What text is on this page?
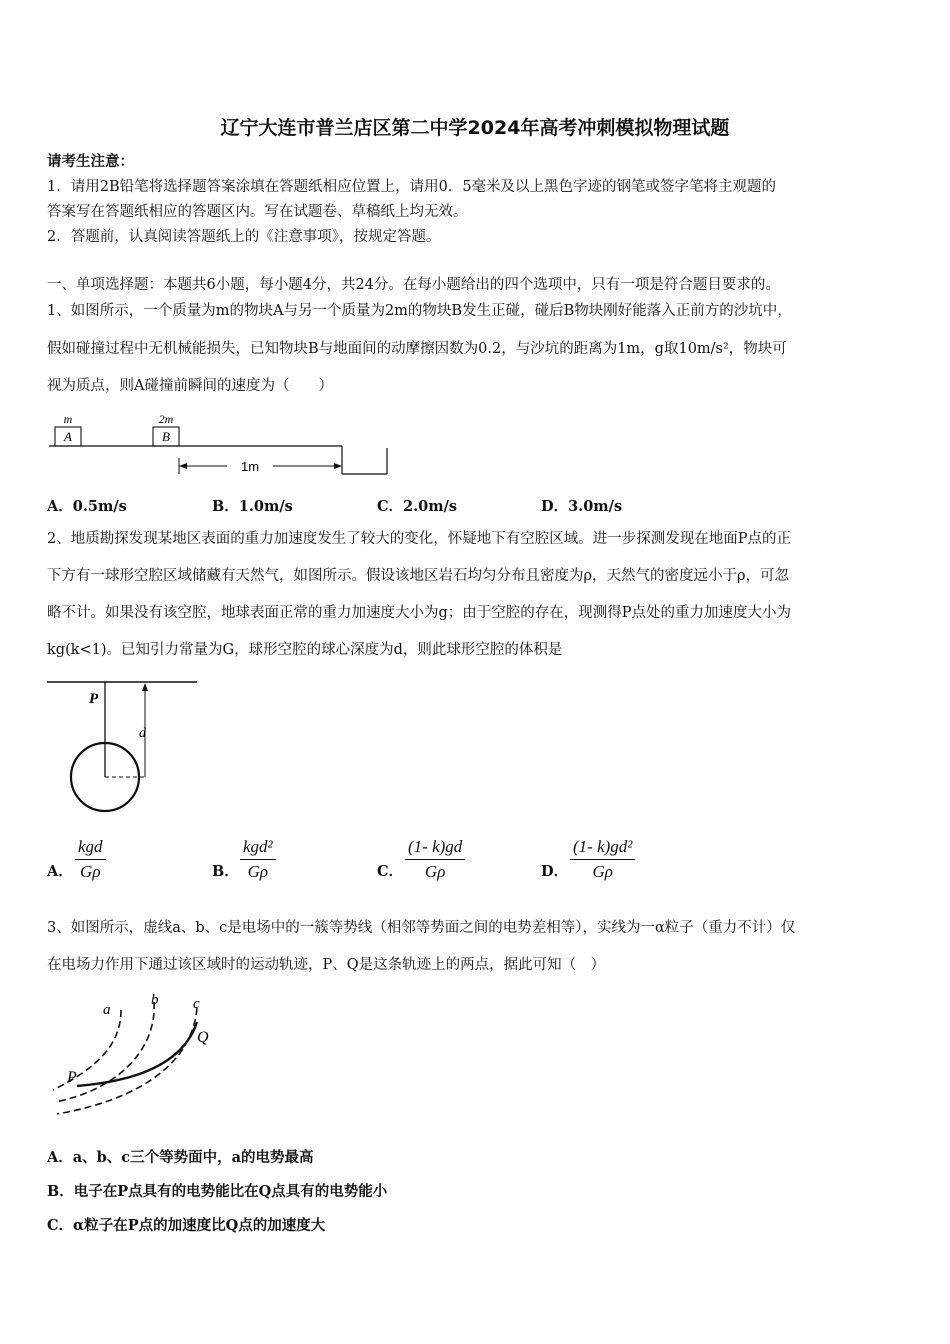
辽宁大连市普兰店区第二中学2024年高考冲刺模拟物理试题
请考生注意：
1．请用2B铅笔将选择题答案涂填在答题纸相应位置上，请用0．5毫米及以上黑色字迹的钢笔或签字笔将主观题的
答案写在答题纸相应的答题区内。写在试题卷、草稿纸上均无效。
2．答题前，认真阅读答题纸上的《注意事项》，按规定答题。
一、单项选择题：本题共6小题，每小题4分，共24分。在每小题给出的四个选项中，只有一项是符合题目要求的。
1、如图所示，一个质量为m的物块A与另一个质量为2m的物块B发生正碰，碰后B物块刚好能落入正前方的沙坑中，
假如碰撞过程中无机械能损失，已知物块B与地面间的动摩擦因数为0.2，与沙坑的距离为1m，g取10m/s²，物块可
视为质点，则A碰撞前瞬间的速度为（　　）
A	B
m	2m
1m
A．0.5m/s	B．1.0m/s	C．2.0m/s	D．3.0m/s
2、地质勘探发现某地区表面的重力加速度发生了较大的变化，怀疑地下有空腔区域。进一步探测发现在地面P点的正
下方有一球形空腔区域储藏有天然气，如图所示。假设该地区岩石均匀分布且密度为ρ，天然气的密度远小于ρ，可忽
略不计。如果没有该空腔，地球表面正常的重力加速度大小为g；由于空腔的存在，现测得P点处的重力加速度大小为
kg(k<1)。已知引力常量为G，球形空腔的球心深度为d，则此球形空腔的体积是
P
d
A．
kgd
Gρ	B．
kgd²
Gρ	C． $\frac{(1- k)gd}{G\rho}$	D． $\frac{\text{(1- k)gd²}}{G\rho}$
3、如图所示，虚线a、b、c是电场中的一簇等势线（相邻等势面之间的电势差相等），实线为一α粒子（重力不计）仅
在电场力作用下通过该区域时的运动轨迹，P、Q是这条轨迹上的两点，据此可知（　）
a
b c
Q
P
A．a、b、c三个等势面中，a的电势最高
B．电子在P点具有的电势能比在Q点具有的电势能小
C．α粒子在P点的加速度比Q点的加速度大
